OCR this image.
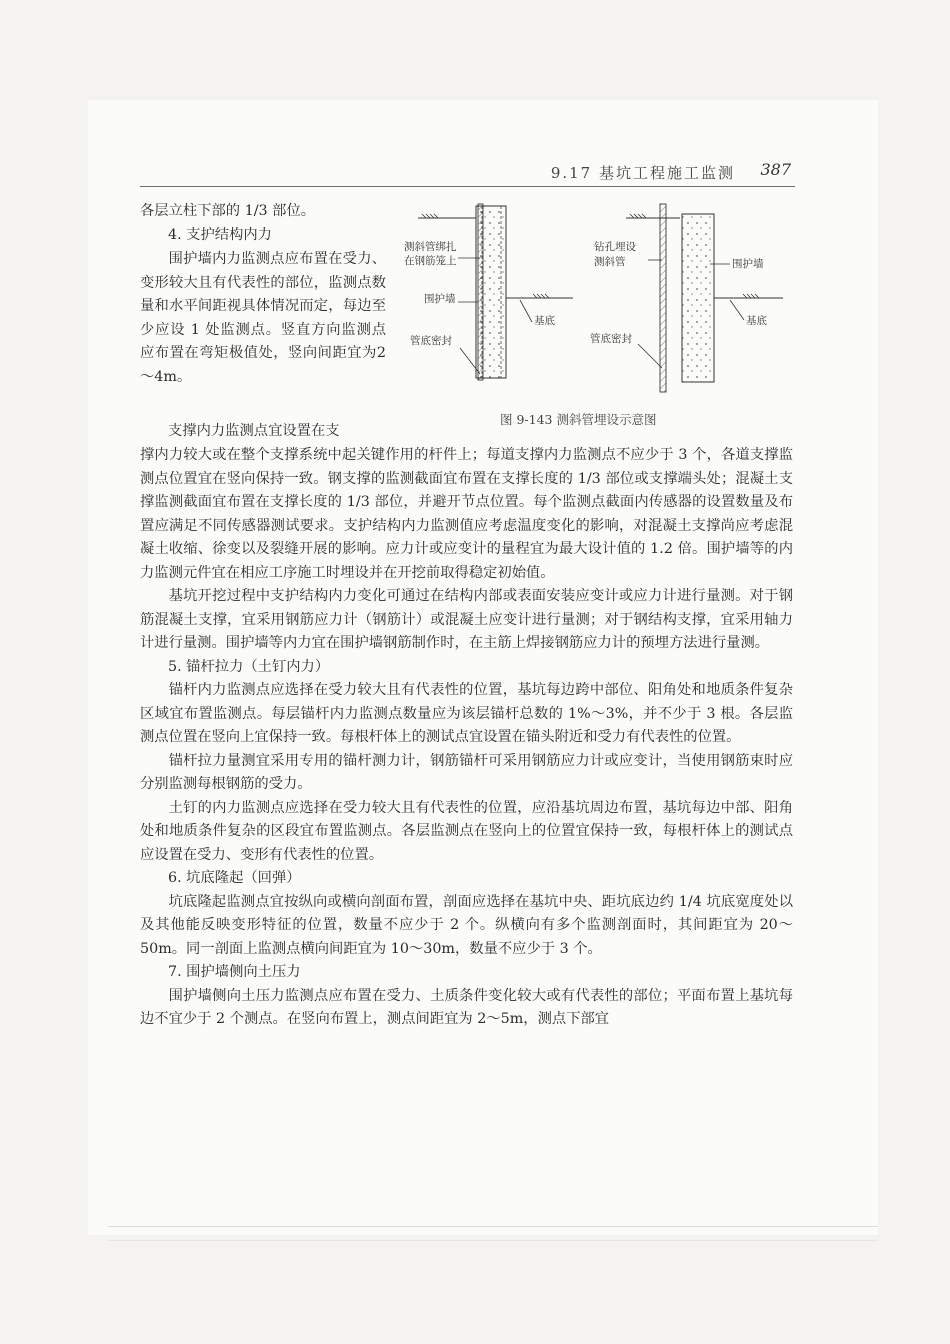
9.17 基坑工程施工监测 387

各层立柱下部的 1/3 部位。

4. 支护结构内力

围护墙内力监测点应布置在受力、变形较大且有代表性的部位，监测点数量和水平间距视具体情况而定，每边至少应设 1 处监测点。竖直方向监测点应布置在弯矩极值处，竖向间距宜为2～4m。

支撑内力监测点宜设置在支

测斜管绑扎
在钢筋笼上
围护墙
管底密封
基底
钻孔埋设
测斜管	围护墙
管底密封
基底
图 9-143 测斜管埋设示意图

撑内力较大或在整个支撑系统中起关键作用的杆件上；每道支撑内力监测点不应少于 3 个，各道支撑监测点位置宜在竖向保持一致。钢支撑的监测截面宜布置在支撑长度的 1/3 部位或支撑端头处；混凝土支撑监测截面宜布置在支撑长度的 1/3 部位，并避开节点位置。每个监测点截面内传感器的设置数量及布置应满足不同传感器测试要求。支护结构内力监测值应考虑温度变化的影响，对混凝土支撑尚应考虑混凝土收缩、徐变以及裂缝开展的影响。应力计或应变计的量程宜为最大设计值的 1.2 倍。围护墙等的内力监测元件宜在相应工序施工时埋设并在开挖前取得稳定初始值。

基坑开挖过程中支护结构内力变化可通过在结构内部或表面安装应变计或应力计进行量测。对于钢筋混凝土支撑，宜采用钢筋应力计（钢筋计）或混凝土应变计进行量测；对于钢结构支撑，宜采用轴力计进行量测。围护墙等内力宜在围护墙钢筋制作时，在主筋上焊接钢筋应力计的预埋方法进行量测。

5. 锚杆拉力（土钉内力）

锚杆内力监测点应选择在受力较大且有代表性的位置，基坑每边跨中部位、阳角处和地质条件复杂区域宜布置监测点。每层锚杆内力监测点数量应为该层锚杆总数的 1%～3%，并不少于 3 根。各层监测点位置在竖向上宜保持一致。每根杆体上的测试点宜设置在锚头附近和受力有代表性的位置。

锚杆拉力量测宜采用专用的锚杆测力计，钢筋锚杆可采用钢筋应力计或应变计，当使用钢筋束时应分别监测每根钢筋的受力。

土钉的内力监测点应选择在受力较大且有代表性的位置，应沿基坑周边布置，基坑每边中部、阳角处和地质条件复杂的区段宜布置监测点。各层监测点在竖向上的位置宜保持一致，每根杆体上的测试点应设置在受力、变形有代表性的位置。

6. 坑底隆起（回弹）

坑底隆起监测点宜按纵向或横向剖面布置，剖面应选择在基坑中央、距坑底边约 1/4 坑底宽度处以及其他能反映变形特征的位置，数量不应少于 2 个。纵横向有多个监测剖面时，其间距宜为 20～50m。同一剖面上监测点横向间距宜为 10～30m，数量不应少于 3 个。

7. 围护墙侧向土压力

围护墙侧向土压力监测点应布置在受力、土质条件变化较大或有代表性的部位；平面布置上基坑每边不宜少于 2 个测点。在竖向布置上，测点间距宜为 2～5m，测点下部宜
